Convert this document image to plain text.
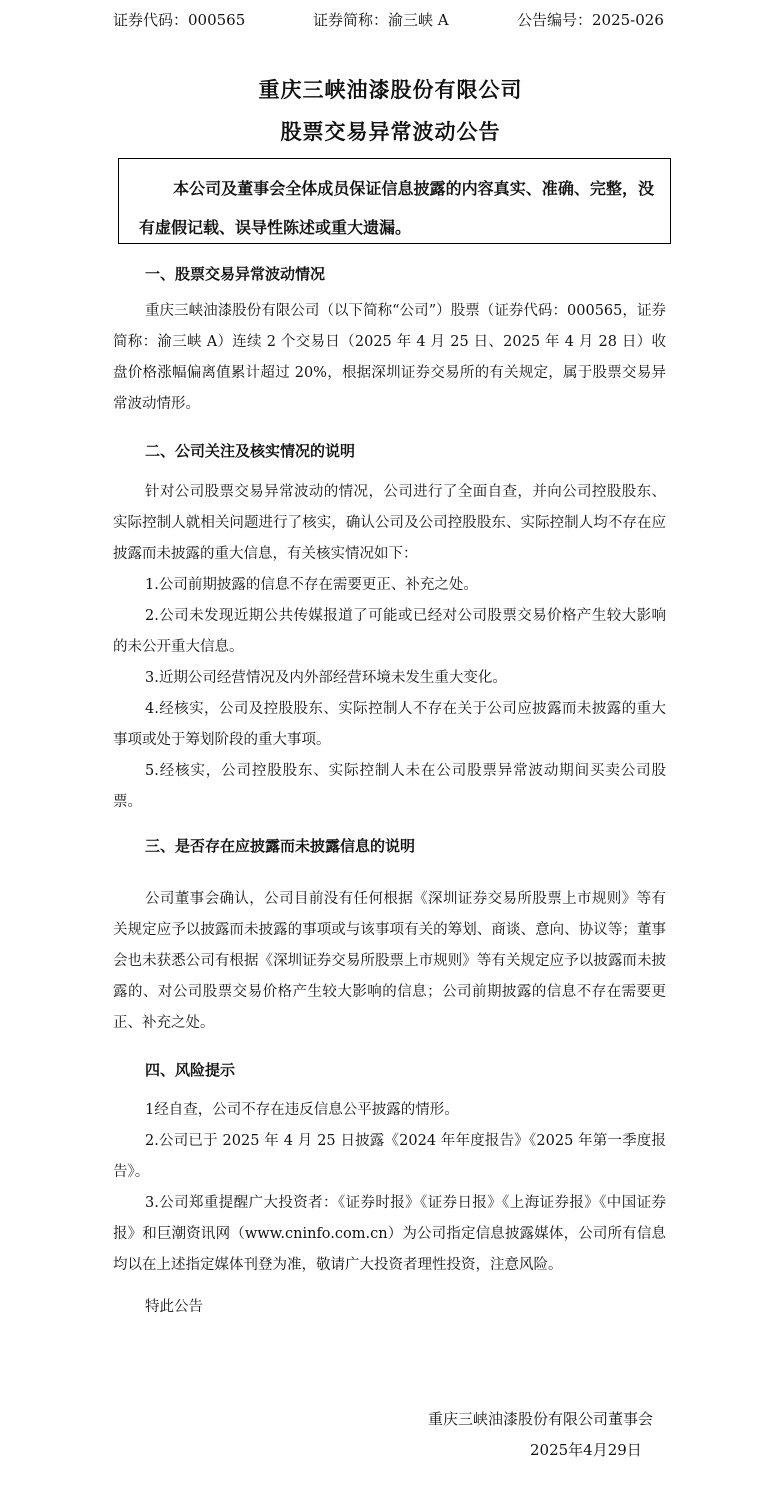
证券代码：000565	证券简称：渝三峡 A	公告编号：2025-026
重庆三峡油漆股份有限公司
股票交易异常波动公告
本公司及董事会全体成员保证信息披露的内容真实、准确、完整，没有虚假记载、误导性陈述或重大遗漏。
一、股票交易异常波动情况
重庆三峡油漆股份有限公司（以下简称“公司”）股票（证券代码：000565，证券简称：渝三峡 A）连续 2 个交易日（2025 年 4 月 25 日、2025 年 4 月 28 日）收盘价格涨幅偏离值累计超过 20%，根据深圳证券交易所的有关规定，属于股票交易异常波动情形。
二、公司关注及核实情况的说明
针对公司股票交易异常波动的情况，公司进行了全面自查，并向公司控股股东、实际控制人就相关问题进行了核实，确认公司及公司控股股东、实际控制人均不存在应披露而未披露的重大信息，有关核实情况如下：
1.公司前期披露的信息不存在需要更正、补充之处。
2.公司未发现近期公共传媒报道了可能或已经对公司股票交易价格产生较大影响的未公开重大信息。
3.近期公司经营情况及内外部经营环境未发生重大变化。
4.经核实，公司及控股股东、实际控制人不存在关于公司应披露而未披露的重大事项或处于筹划阶段的重大事项。
5.经核实，公司控股股东、实际控制人未在公司股票异常波动期间买卖公司股票。
三、是否存在应披露而未披露信息的说明
公司董事会确认，公司目前没有任何根据《深圳证券交易所股票上市规则》等有关规定应予以披露而未披露的事项或与该事项有关的筹划、商谈、意向、协议等；董事会也未获悉公司有根据《深圳证券交易所股票上市规则》等有关规定应予以披露而未披露的、对公司股票交易价格产生较大影响的信息；公司前期披露的信息不存在需要更正、补充之处。
四、风险提示
1经自查，公司不存在违反信息公平披露的情形。
2.公司已于 2025 年 4 月 25 日披露《2024 年年度报告》《2025 年第一季度报告》。
3.公司郑重提醒广大投资者：《证券时报》《证券日报》《上海证券报》《中国证券报》和巨潮资讯网（www.cninfo.com.cn）为公司指定信息披露媒体，公司所有信息均以在上述指定媒体刊登为准，敬请广大投资者理性投资，注意风险。
特此公告
重庆三峡油漆股份有限公司董事会
2025年4月29日
